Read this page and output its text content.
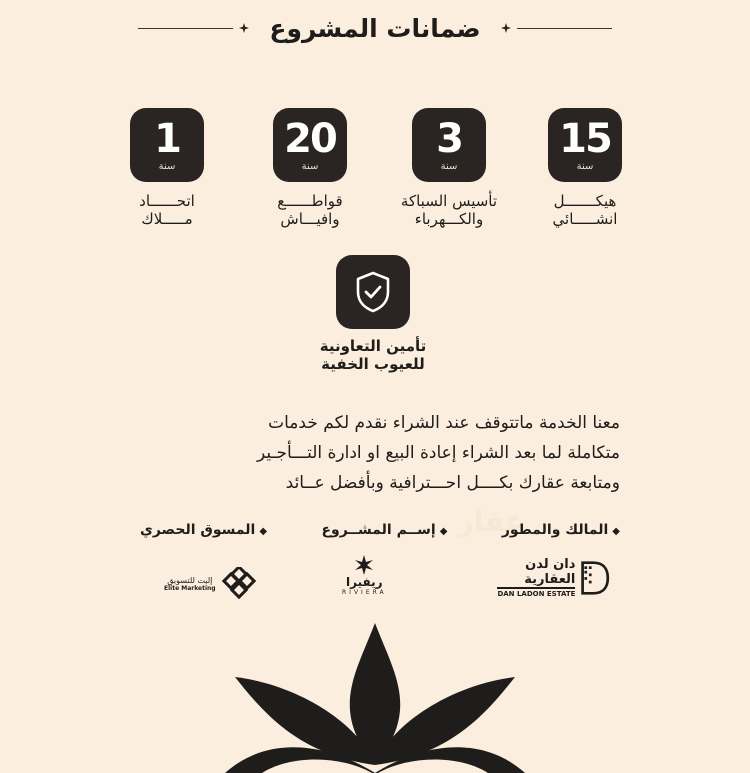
ضمانات المشروع
15
سنة
هيكـــــــل
انشـــــائي
3
سنة
تأسيس السباكة
والكـــهرباء
20
سنة
قواطــــــع
وافيـــاش
1
سنة
اتحــــــاد
مـــــلاك
تأمين التعاونية
للعيوب الخفية
معنا الخدمة ماتتوقف عند الشراء نقدم لكم خدمات
متكاملة لما بعد الشراء إعادة البيع او ادارة التـــأجـير
ومتابعة عقارك بكــــل احـــترافية وبأفضل عــائد
عقار	◆المالك والمطور
◆إســم المشــروع
◆المسوق الحصري
دان لدن العقارية
DAN LADON ESTATE
ريفيرا
RIVIERA
إليت للتسويق
Elite Marketing
